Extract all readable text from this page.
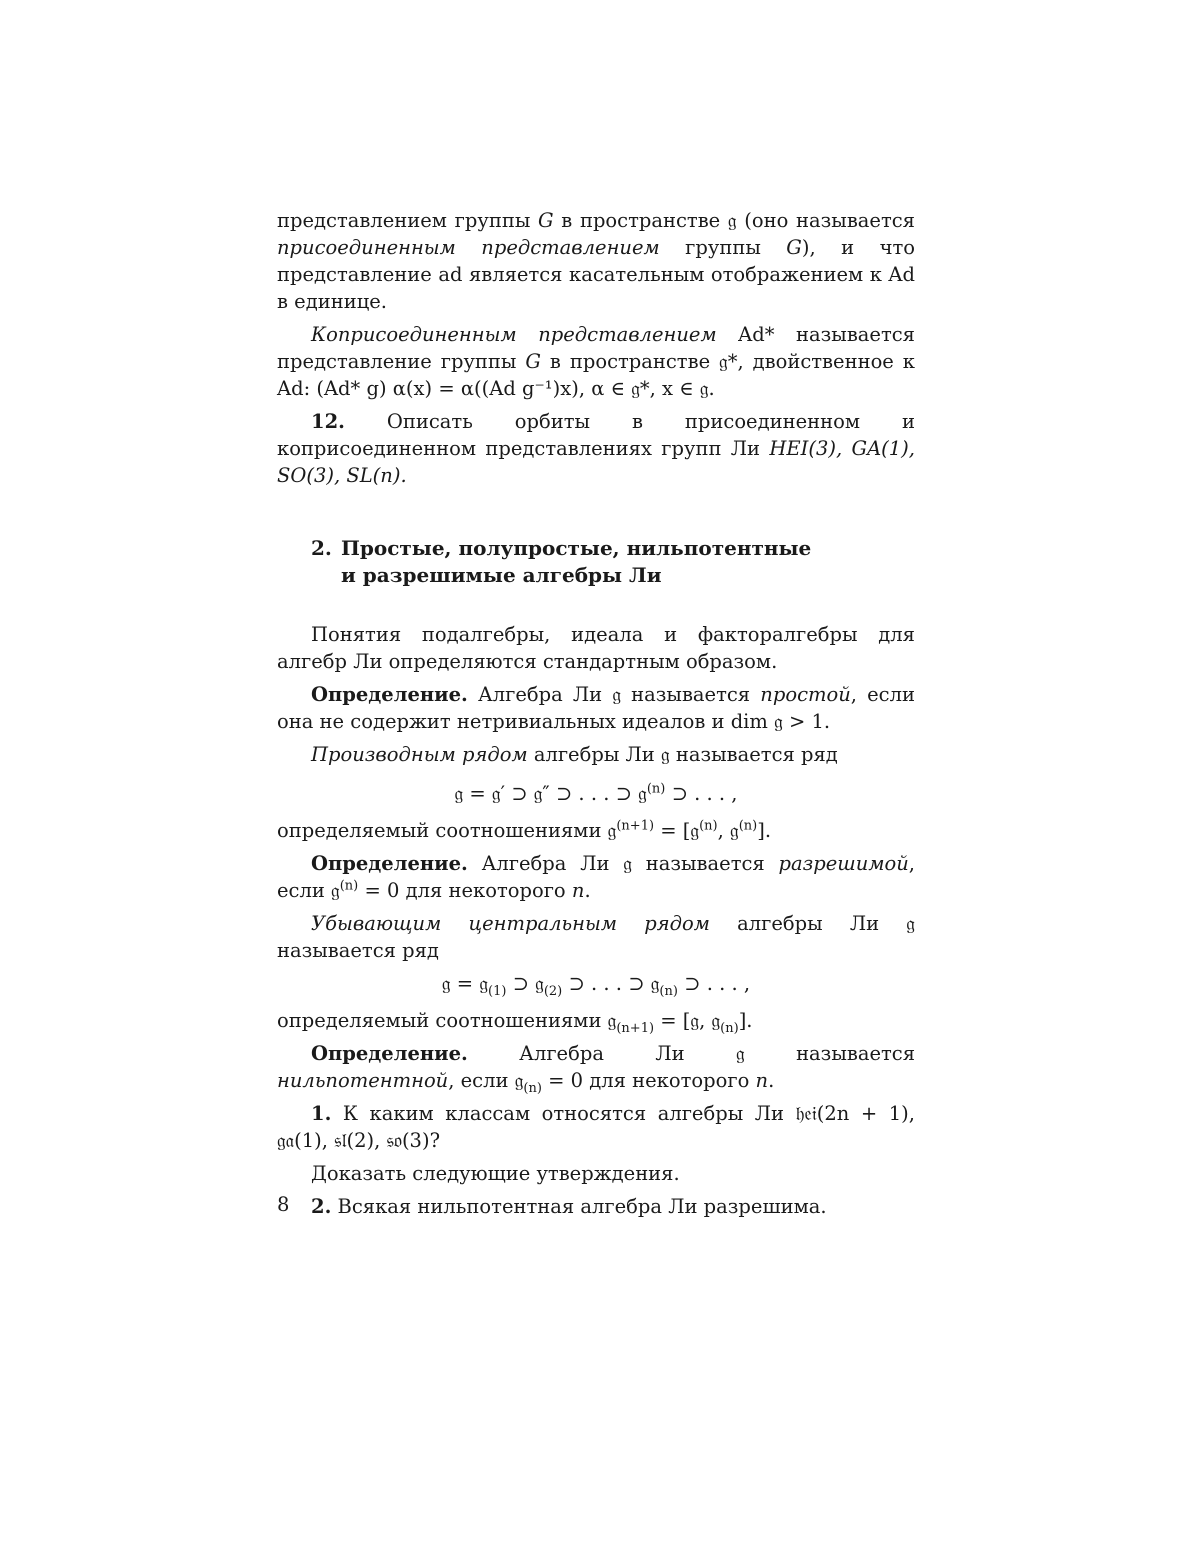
представлением группы G в пространстве 𝔤 (оно называется присоединенным представлением группы G), и что представление ad является касательным отображением к Ad в единице.

Коприсоединенным представлением Ad* называется представление группы G в пространстве 𝔤*, двойственное к Ad: (Ad* g) α(x) = α((Ad g⁻¹)x), α ∈ 𝔤*, x ∈ 𝔤.

12. Описать орбиты в присоединенном и коприсоединенном представлениях групп Ли HEI(3), GA(1), SO(3), SL(n).

2. Простые, полупростые, нильпотентные
и разрешимые алгебры Ли

Понятия подалгебры, идеала и факторалгебры для алгебр Ли определяются стандартным образом.

Определение. Алгебра Ли 𝔤 называется простой, если она не содержит нетривиальных идеалов и dim 𝔤 > 1.

Производным рядом алгебры Ли 𝔤 называется ряд

𝔤 = 𝔤′ ⊃ 𝔤″ ⊃ . . . ⊃ 𝔤$^{(n)}$ ⊃ . . . ,

определяемый соотношениями 𝔤$^{(n+1)}$ = [𝔤$^{(n)}$, 𝔤$^{(n)}$].

Определение. Алгебра Ли 𝔤 называется разрешимой, если 𝔤$^{(n)}$ = 0 для некоторого n.

Убывающим центральным рядом алгебры Ли 𝔤 называется ряд

𝔤 = 𝔤$_{(1)}$ ⊃ 𝔤$_{(2)}$ ⊃ . . . ⊃ 𝔤$_{(n)}$ ⊃ . . . ,

определяемый соотношениями 𝔤$_{(n+1)}$ = [𝔤, 𝔤$_{(n)}$].

Определение. Алгебра Ли 𝔤 называется нильпотентной, если 𝔤$_{(n)}$ = 0 для некоторого n.

1. К каким классам относятся алгебры Ли 𝔥𝔢𝔦(2n + 1), 𝔤𝔞(1), 𝔰𝔩(2), 𝔰𝔬(3)?

Доказать следующие утверждения.

2. Всякая нильпотентная алгебра Ли разрешима.

8
